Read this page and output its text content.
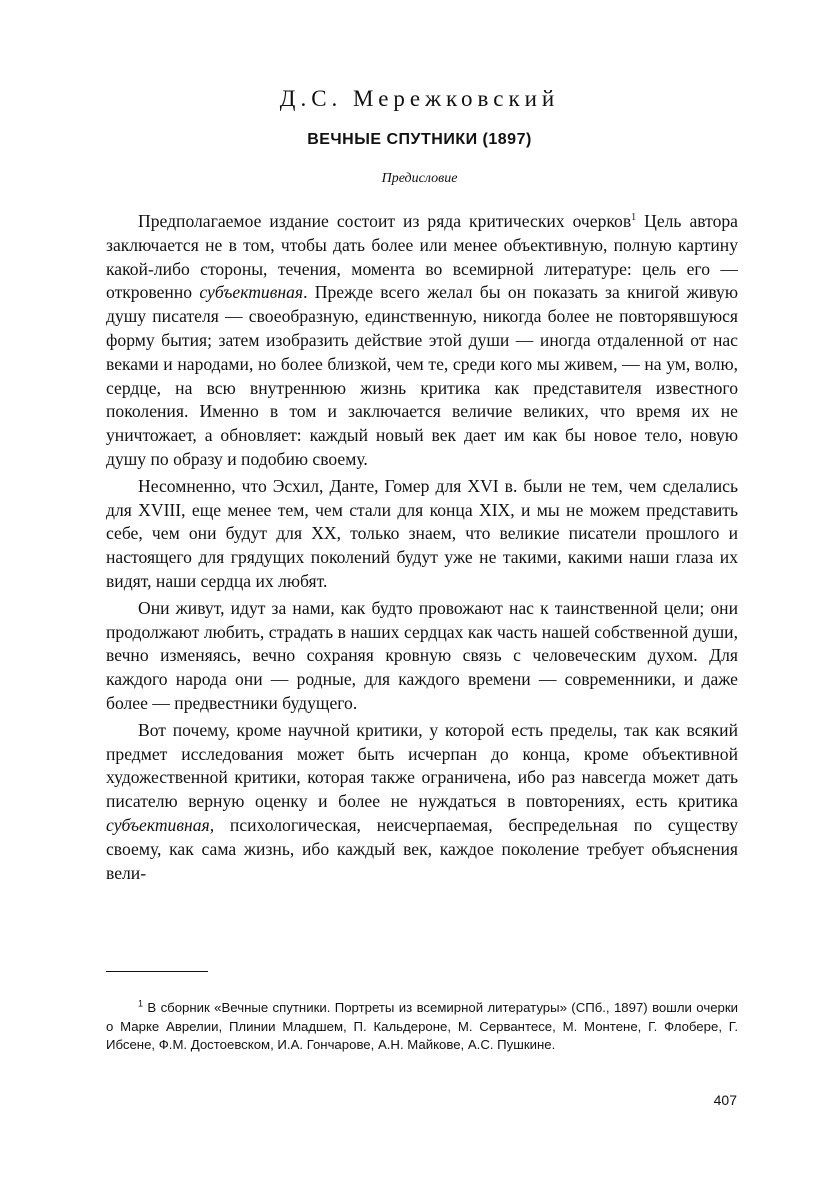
Д.С. Мережковский
ВЕЧНЫЕ СПУТНИКИ (1897)
Предисловие

Предполагаемое издание состоит из ряда критических очерков$^1$ Цель автора заключается не в том, чтобы дать более или менее объективную, полную картину какой-либо стороны, течения, момента во всемирной литературе: цель его — откровенно субъективная. Прежде всего желал бы он показать за книгой живую душу писателя — своеобразную, единственную, никогда более не повторявшуюся форму бытия; затем изобразить действие этой души — иногда отдаленной от нас веками и народами, но более близкой, чем те, среди кого мы живем, — на ум, волю, сердце, на всю внутреннюю жизнь критика как представителя известного поколения. Именно в том и заключается величие великих, что время их не уничтожает, а обновляет: каждый новый век дает им как бы новое тело, новую душу по образу и подобию своему.

Несомненно, что Эсхил, Данте, Гомер для XVI в. были не тем, чем сделались для XVIII, еще менее тем, чем стали для конца XIX, и мы не можем представить себе, чем они будут для XX, только знаем, что великие писатели прошлого и настоящего для грядущих поколений будут уже не такими, какими наши глаза их видят, наши сердца их любят.

Они живут, идут за нами, как будто провожают нас к таинственной цели; они продолжают любить, страдать в наших сердцах как часть нашей собственной души, вечно изменяясь, вечно сохраняя кровную связь с человеческим духом. Для каждого народа они — родные, для каждого времени — современники, и даже более — предвестники будущего.

Вот почему, кроме научной критики, у которой есть пределы, так как всякий предмет исследования может быть исчерпан до конца, кроме объективной художественной критики, которая также ограничена, ибо раз навсегда может дать писателю верную оценку и более не нуждаться в повторениях, есть критика субъективная, психологическая, неисчерпаемая, беспредельная по существу своему, как сама жизнь, ибо каждый век, каждое поколение требует объяснения вели-

$^1$ В сборник «Вечные спутники. Портреты из всемирной литературы» (СПб., 1897) вошли очерки о Марке Аврелии, Плинии Младшем, П. Кальдероне, М. Сервантесе, М. Монтене, Г. Флобере, Г. Ибсене, Ф.М. Достоевском, И.А. Гончарове, А.Н. Майкове, А.С. Пушкине.
407
